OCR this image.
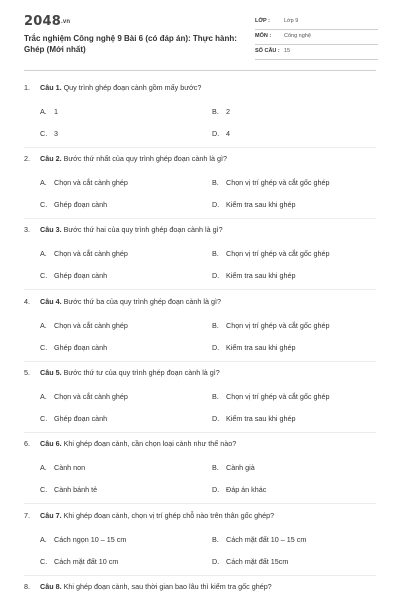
2048.vn
Trắc nghiệm Công nghệ 9 Bài 6 (có đáp án): Thực hành: Ghép (Mới nhất)
LỚP :	Lớp 9
MÔN : Công nghệ
SỐ CÂU : 15
1. Câu 1. Quy trình ghép đoạn cành gồm mấy bước?
A. 1	B. 2
C. 3	D. 4
2. Câu 2. Bước thứ nhất của quy trình ghép đoạn cành là gì?
A. Chọn và cắt cành ghép	B. Chọn vị trí ghép và cắt gốc ghép
C. Ghép đoạn cành	D. Kiểm tra sau khi ghép
3. Câu 3. Bước thứ hai của quy trình ghép đoạn cành là gì?
A. Chọn và cắt cành ghép	B. Chọn vị trí ghép và cắt gốc ghép
C. Ghép đoạn cành	D. Kiểm tra sau khi ghép
4. Câu 4. Bước thứ ba của quy trình ghép đoạn cành là gì?
A. Chọn và cắt cành ghép	B. Chọn vị trí ghép và cắt gốc ghép
C. Ghép đoạn cành	D. Kiểm tra sau khi ghép
5. Câu 5. Bước thứ tư của quy trình ghép đoạn cành là gì?
A. Chọn và cắt cành ghép	B. Chọn vị trí ghép và cắt gốc ghép
C. Ghép đoạn cành	D. Kiểm tra sau khi ghép
6. Câu 6. Khi ghép đoạn cành, cần chọn loại cành như thế nào?
A. Cành non	B. Cành già
C. Cành bánh tẻ	D. Đáp án khác
7. Câu 7. Khi ghép đoạn cành, chọn vị trí ghép chỗ nào trên thân gốc ghép?
A. Cách ngọn 10 – 15 cm	B. Cách mặt đất 10 – 15 cm
C. Cách mặt đất 10 cm	D. Cách mặt đất 15cm
8. Câu 8. Khi ghép đoạn cành, sau thời gian bao lâu thì kiểm tra gốc ghép?
